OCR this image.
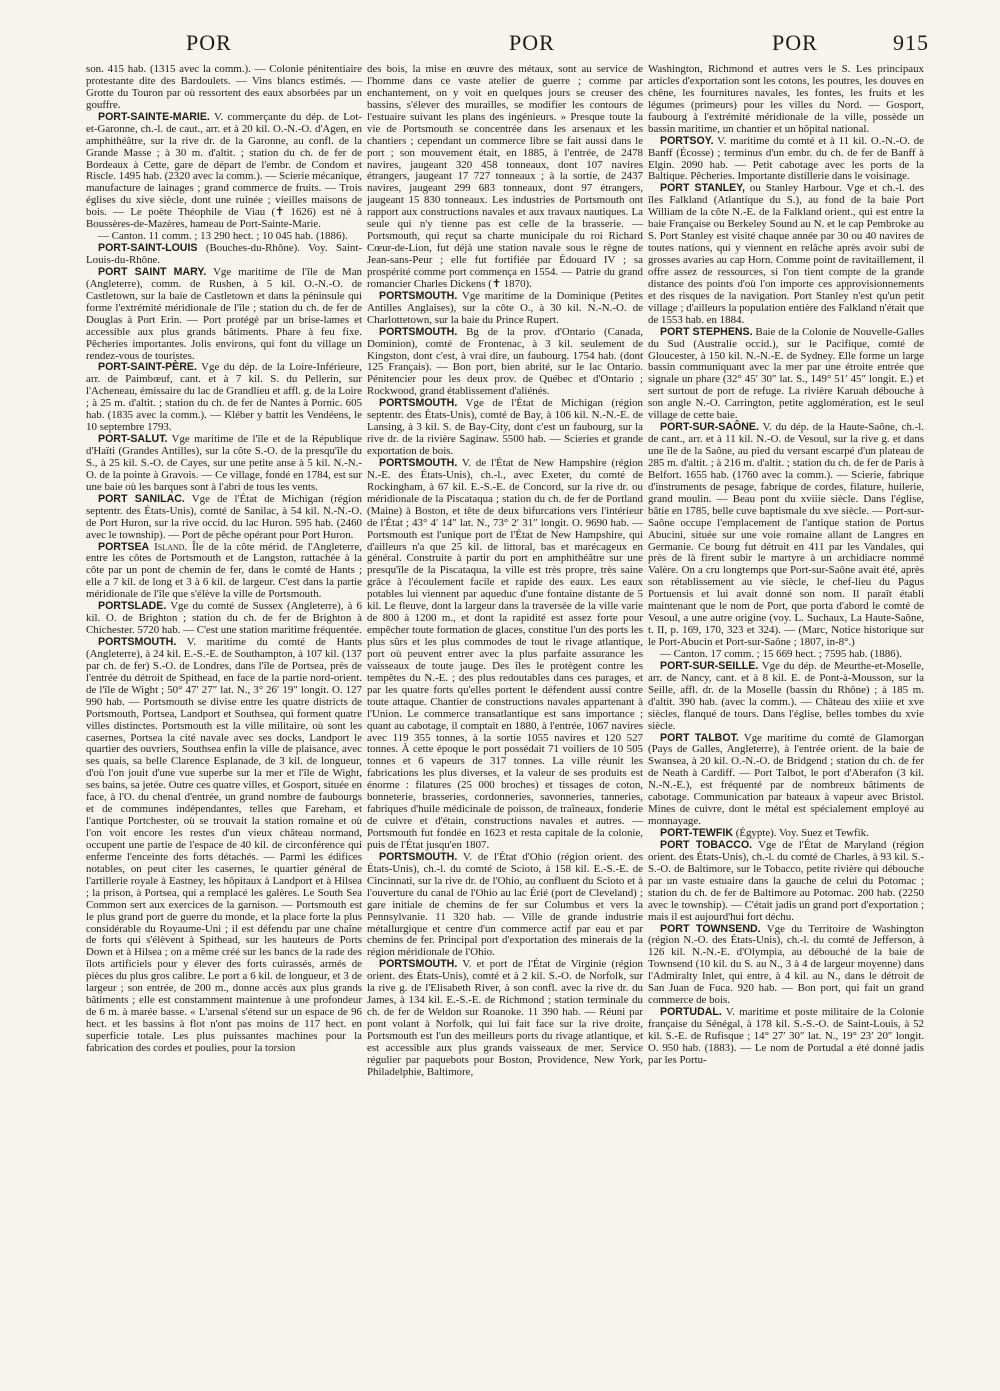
POR	POR	POR	915

son. 415 hab. (1315 avec la comm.). — Colonie pénitentiaire protestante dite des Bardoulets. — Vins blancs estimés. — Grotte du Touron par où ressortent des eaux absorbées par un gouffre.

PORT-SAINTE-MARIE. V. commerçante du dép. de Lot-et-Garonne, ch.-l. de caut., arr. et à 20 kil. O.-N.-O. d'Agen, en amphithéâtre, sur la rive dr. de la Garonne, au confl. de la Grande Masse ; à 30 m. d'altit. ; station du ch. de fer de Bordeaux à Cette, gare de départ de l'embr. de Condom et Riscle. 1495 hab. (2320 avec la comm.). — Scierie mécanique, manufacture de lainages ; grand commerce de fruits. — Trois églises du xive siècle, dont une ruinée ; vieilles maisons de bois. — Le poète Théophile de Viau (✝ 1626) est né à Boussères-de-Mazères, hameau de Port-Sainte-Marie.

— Canton. 11 comm. ; 13 290 hect. ; 10 045 hab. (1886).

PORT-SAINT-LOUIS (Bouches-du-Rhône). Voy. Saint-Louis-du-Rhône.

PORT SAINT MARY. Vge maritime de l'île de Man (Angleterre), comm. de Rushen, à 5 kil. O.-N.-O. de Castletown, sur la baie de Castletown et dans la péninsule qui forme l'extrémité méridionale de l'île ; station du ch. de fer de Douglas à Port Erin. — Port protégé par un brise-lames et accessible aux plus grands bâtiments. Phare à feu fixe. Pêcheries importantes. Jolis environs, qui font du village un rendez-vous de touristes.

PORT-SAINT-PÈRE. Vge du dép. de la Loire-Inférieure, arr. de Paimbœuf, cant. et à 7 kil. S. du Pellerin, sur l'Acheneau, émissaire du lac de Grandlieu et affl. g. de la Loire ; à 25 m. d'altit. ; station du ch. de fer de Nantes à Pornic. 605 hab. (1835 avec la comm.). — Kléber y battit les Vendéens, le 10 septembre 1793.

PORT-SALUT. Vge maritime de l'île et de la République d'Haïti (Grandes Antilles), sur la côte S.-O. de la presqu'île du S., à 25 kil. S.-O. de Cayes, sur une petite anse à 5 kil. N.-N.-O. de la pointe à Gravois. — Ce village, fondé en 1784, est sur une baie où les barques sont à l'abri de tous les vents.

PORT SANILAC. Vge de l'État de Michigan (région septentr. des États-Unis), comté de Sanilac, à 54 kil. N.-N.-O. de Port Huron, sur la rive occid. du lac Huron. 595 hab. (2460 avec le township). — Port de pêche opérant pour Port Huron.

PORTSEA Island. Île de la côte mérid. de l'Angleterre, entre les côtes de Portsmouth et de Langston, rattachée à la côte par un pont de chemin de fer, dans le comté de Hants ; elle a 7 kil. de long et 3 à 6 kil. de largeur. C'est dans la partie méridionale de l'île que s'élève la ville de Portsmouth.

PORTSLADE. Vge du comté de Sussex (Angleterre), à 6 kil. O. de Brighton ; station du ch. de fer de Brighton à Chichester. 5720 hab. — C'est une station maritime fréquentée.

PORTSMOUTH. V. maritime du comté de Hants (Angleterre), à 24 kil. E.-S.-E. de Southampton, à 107 kil. (137 par ch. de fer) S.-O. de Londres, dans l'île de Portsea, près de l'entrée du détroit de Spithead, en face de la partie nord-orient. de l'île de Wight ; 50° 47′ 27″ lat. N., 3° 26′ 19″ longit. O. 127 990 hab. — Portsmouth se divise entre les quatre districts de Portsmouth, Portsea, Landport et Southsea, qui forment quatre villes distinctes. Portsmouth est la ville militaire, où sont les casernes, Portsea la cité navale avec ses docks, Landport le quartier des ouvriers, Southsea enfin la ville de plaisance, avec ses quais, sa belle Clarence Esplanade, de 3 kil. de longueur, d'où l'on jouit d'une vue superbe sur la mer et l'île de Wight, ses bains, sa jetée. Outre ces quatre villes, et Gosport, située en face, à l'O. du chenal d'entrée, un grand nombre de faubourgs et de communes indépendantes, telles que Fareham, et l'antique Portchester, où se trouvait la station romaine et où l'on voit encore les restes d'un vieux château normand, occupent une partie de l'espace de 40 kil. de circonférence qui enferme l'enceinte des forts détachés. — Parmi les édifices notables, on peut citer les casernes, le quartier général de l'artillerie royale à Eastney, les hôpitaux à Landport et à Hilsea ; la prison, à Portsea, qui a remplacé les galères. Le South Sea Common sert aux exercices de la garnison. — Portsmouth est le plus grand port de guerre du monde, et la place forte la plus considérable du Royaume-Uni ; il est défendu par une chaîne de forts qui s'élèvent à Spithead, sur les hauteurs de Ports Down et à Hilsea ; on a même créé sur les bancs de la rade des îlots artificiels pour y élever des forts cuirassés, armés de pièces du plus gros calibre. Le port a 6 kil. de longueur, et 3 de largeur ; son entrée, de 200 m., donne accès aux plus grands bâtiments ; elle est constamment maintenue à une profondeur de 6 m. à marée basse. « L'arsenal s'étend sur un espace de 96 hect. et les bassins à flot n'ont pas moins de 117 hect. en superficie totale. Les plus puissantes machines pour la fabrication des cordes et poulies, pour la torsion

des bois, la mise en œuvre des métaux, sont au service de l'homme dans ce vaste atelier de guerre ; comme par enchantement, on y voit en quelques jours se creuser des bassins, s'élever des murailles, se modifier les contours de l'estuaire suivant les plans des ingénieurs. » Presque toute la vie de Portsmouth se concentrée dans les arsenaux et les chantiers ; cependant un commerce libre se fait aussi dans le port ; son mouvement était, en 1885, à l'entrée, de 2478 navires, jaugeant 320 458 tonneaux, dont 107 navires étrangers, jaugeant 17 727 tonneaux ; à la sortie, de 2437 navires, jaugeant 299 683 tonneaux, dont 97 étrangers, jaugeant 15 830 tonneaux. Les industries de Portsmouth ont rapport aux constructions navales et aux travaux nautiques. La seule qui n'y tienne pas est celle de la brasserie. — Portsmouth, qui reçut sa charte municipale du roi Richard Cœur-de-Lion, fut déjà une station navale sous le règne de Jean-sans-Peur ; elle fut fortifiée par Édouard IV ; sa prospérité comme port commença en 1554. — Patrie du grand romancier Charles Dickens (✝ 1870).

PORTSMOUTH. Vge maritime de la Dominique (Petites Antilles Anglaises), sur la côte O., à 30 kil. N.-N.-O. de Charlottetown, sur la baie du Prince Rupert.

PORTSMOUTH. Bg de la prov. d'Ontario (Canada, Dominion), comté de Frontenac, à 3 kil. seulement de Kingston, dont c'est, à vrai dire, un faubourg. 1754 hab. (dont 125 Français). — Bon port, bien abrité, sur le lac Ontario. Pénitencier pour les deux prov. de Québec et d'Ontario ; Rockwood, grand établissement d'aliénés.

PORTSMOUTH. Vge de l'État de Michigan (région septentr. des États-Unis), comté de Bay, à 106 kil. N.-N.-E. de Lansing, à 3 kil. S. de Bay-City, dont c'est un faubourg, sur la rive dr. de la rivière Saginaw. 5500 hab. — Scieries et grande exportation de bois.

PORTSMOUTH. V. de l'État de New Hampshire (région N.-E. des États-Unis), ch.-l., avec Exeter, du comté de Rockingham, à 67 kil. E.-S.-E. de Concord, sur la rive dr. ou méridionale de la Piscataqua ; station du ch. de fer de Portland (Maine) à Boston, et tête de deux bifurcations vers l'intérieur de l'État ; 43° 4′ 14″ lat. N., 73° 2′ 31″ longit. O. 9690 hab. — Portsmouth est l'unique port de l'État de New Hampshire, qui d'ailleurs n'a que 25 kil. de littoral, bas et marécageux en général. Construite à partir du port en amphithéâtre sur une presqu'île de la Piscataqua, la ville est très propre, très saine grâce à l'écoulement facile et rapide des eaux. Les eaux potables lui viennent par aqueduc d'une fontaine distante de 5 kil. Le fleuve, dont la largeur dans la traversée de la ville varie de 800 à 1200 m., et dont la rapidité est assez forte pour empêcher toute formation de glaces, constitue l'un des ports les plus sûrs et les plus commodes de tout le rivage atlantique, port où peuvent entrer avec la plus parfaite assurance les vaisseaux de toute jauge. Des îles le protègent contre les tempêtes du N.-E. ; des plus redoutables dans ces parages, et par les quatre forts qu'elles portent le défendent aussi contre toute attaque. Chantier de constructions navales appartenant à l'Union. Le commerce transatlantique est sans importance ; quant au cabotage, il comptait en 1880, à l'entrée, 1067 navires avec 119 355 tonnes, à la sortie 1055 navires et 120 527 tonnes. À cette époque le port possédait 71 voiliers de 10 505 tonnes et 6 vapeurs de 317 tonnes. La ville réunit les fabrications les plus diverses, et la valeur de ses produits est énorme : filatures (25 000 broches) et tissages de coton, bonneterie, brasseries, cordonneries, savonneries, tanneries, fabriques d'huile médicinale de poisson, de traîneaux, fonderie de cuivre et d'étain, constructions navales et autres. — Portsmouth fut fondée en 1623 et resta capitale de la colonie, puis de l'État jusqu'en 1807.

PORTSMOUTH. V. de l'État d'Ohio (région orient. des États-Unis), ch.-l. du comté de Scioto, à 158 kil. E.-S.-E. de Cincinnati, sur la rive dr. de l'Ohio, au confluent du Scioto et à l'ouverture du canal de l'Ohio au lac Érié (port de Cleveland) ; gare initiale de chemins de fer sur Columbus et vers la Pennsylvanie. 11 320 hab. — Ville de grande industrie métallurgique et centre d'un commerce actif par eau et par chemins de fer. Principal port d'exportation des minerais de la région méridionale de l'Ohio.

PORTSMOUTH. V. et port de l'État de Virginie (région orient. des États-Unis), comté et à 2 kil. S.-O. de Norfolk, sur la rive g. de l'Elisabeth River, à son confl. avec la rive dr. du James, à 134 kil. E.-S.-E. de Richmond ; station terminale du ch. de fer de Weldon sur Roanoke. 11 390 hab. — Réuni par pont volant à Norfolk, qui lui fait face sur la rive droite, Portsmouth est l'un des meilleurs ports du rivage atlantique, et est accessible aux plus grands vaisseaux de mer. Service régulier par paquebots pour Boston, Providence, New York, Philadelphie, Baltimore,

Washington, Richmond et autres vers le S. Les principaux articles d'exportation sont les cotons, les poutres, les douves en chêne, les fournitures navales, les fontes, les fruits et les légumes (primeurs) pour les villes du Nord. — Gosport, faubourg à l'extrémité méridionale de la ville, possède un bassin maritime, un chantier et un hôpital national.

PORTSOY. V. maritime du comté et à 11 kil. O.-N.-O. de Banff (Écosse) ; terminus d'un embr. du ch. de fer de Banff à Elgin. 2090 hab. — Petit cabotage avec les ports de la Baltique. Pêcheries. Importante distillerie dans le voisinage.

PORT STANLEY, ou Stanley Harbour. Vge et ch.-l. des îles Falkland (Atlantique du S.), au fond de la baie Port William de la côte N.-E. de la Falkland orient., qui est entre la baie Française ou Berkeley Sound au N. et le cap Pembroke au S. Port Stanley est visité chaque année par 30 ou 40 navires de toutes nations, qui y viennent en relâche après avoir subi de grosses avaries au cap Horn. Comme point de ravitaillement, il offre assez de ressources, si l'on tient compte de la grande distance des points d'où l'on importe ces approvisionnements et des risques de la navigation. Port Stanley n'est qu'un petit village ; d'ailleurs la population entière des Falkland n'était que de 1553 hab. en 1884.

PORT STEPHENS. Baie de la Colonie de Nouvelle-Galles du Sud (Australie occid.), sur le Pacifique, comté de Gloucester, à 150 kil. N.-N.-E. de Sydney. Elle forme un large bassin communiquant avec la mer par une étroite entrée que signale un phare (32° 45′ 30″ lat. S., 149° 51′ 45″ longit. E.) et sert surtout de port de refuge. La rivière Karuah débouche à son angle N.-O. Carrington, petite agglomération, est le seul village de cette baie.

PORT-SUR-SAÔNE. V. du dép. de la Haute-Saône, ch.-l. de cant., arr. et à 11 kil. N.-O. de Vesoul, sur la rive g. et dans une île de la Saône, au pied du versant escarpé d'un plateau de 285 m. d'altit. ; à 216 m. d'altit. ; station du ch. de fer de Paris à Belfort. 1655 hab. (1760 avec la comm.). — Scierie, fabrique d'instruments de pesage, fabrique de cordes, filature, huilerie, grand moulin. — Beau pont du xviiie siècle. Dans l'église, bâtie en 1785, belle cuve baptismale du xve siècle. — Port-sur-Saône occupe l'emplacement de l'antique station de Portus Abucini, située sur une voie romaine allant de Langres en Germanie. Ce bourg fut détruit en 411 par les Vandales, qui près de là firent subir le martyre à un archidiacre nommé Valère. On a cru longtemps que Port-sur-Saône avait été, après son rétablissement au vie siècle, le chef-lieu du Pagus Portuensis et lui avait donné son nom. Il paraît établi maintenant que le nom de Port, que porta d'abord le comté de Vesoul, a une autre origine (voy. L. Suchaux, La Haute-Saône, t. II, p. 169, 170, 323 et 324). — (Marc, Notice historique sur le Port-Abucin et Port-sur-Saône ; 1807, in-8°.)

— Canton. 17 comm. ; 15 669 hect. ; 7595 hab. (1886).

PORT-SUR-SEILLE. Vge du dép. de Meurthe-et-Moselle, arr. de Nancy, cant. et à 8 kil. E. de Pont-à-Mousson, sur la Seille, affl. dr. de la Moselle (bassin du Rhône) ; à 185 m. d'altit. 390 hab. (avec la comm.). — Château des xiiie et xve siècles, flanqué de tours. Dans l'église, belles tombes du xvie siècle.

PORT TALBOT. Vge maritime du comté de Glamorgan (Pays de Galles, Angleterre), à l'entrée orient. de la baie de Swansea, à 20 kil. O.-N.-O. de Bridgend ; station du ch. de fer de Neath à Cardiff. — Port Talbot, le port d'Aberafon (3 kil. N.-N.-E.), est fréquenté par de nombreux bâtiments de cabotage. Communication par bateaux à vapeur avec Bristol. Mines de cuivre, dont le métal est spécialement employé au monnayage.

PORT-TEWFIK (Égypte). Voy. Suez et Tewfik.

PORT TOBACCO. Vge de l'État de Maryland (région orient. des États-Unis), ch.-l. du comté de Charles, à 93 kil. S.-S.-O. de Baltimore, sur le Tobacco, petite rivière qui débouche par un vaste estuaire dans la gauche de celui du Potomac ; station du ch. de fer de Baltimore au Potomac. 200 hab. (2250 avec le township). — C'était jadis un grand port d'exportation ; mais il est aujourd'hui fort déchu.

PORT TOWNSEND. Vge du Territoire de Washington (région N.-O. des États-Unis), ch.-l. du comté de Jefferson, à 126 kil. N.-N.-E. d'Olympia, au débouché de la baie de Townsend (10 kil. du S. au N., 3 à 4 de largeur moyenne) dans l'Admiralty Inlet, qui entre, à 4 kil. au N., dans le détroit de San Juan de Fuca. 920 hab. — Bon port, qui fait un grand commerce de bois.

PORTUDAL. V. maritime et poste militaire de la Colonie française du Sénégal, à 178 kil. S.-S.-O. de Saint-Louis, à 52 kil. S.-E. de Rufisque ; 14° 27′ 30″ lat. N., 19° 23′ 20″ longit. O. 950 hab. (1883). — Le nom de Portudal a été donné jadis par les Portu-
